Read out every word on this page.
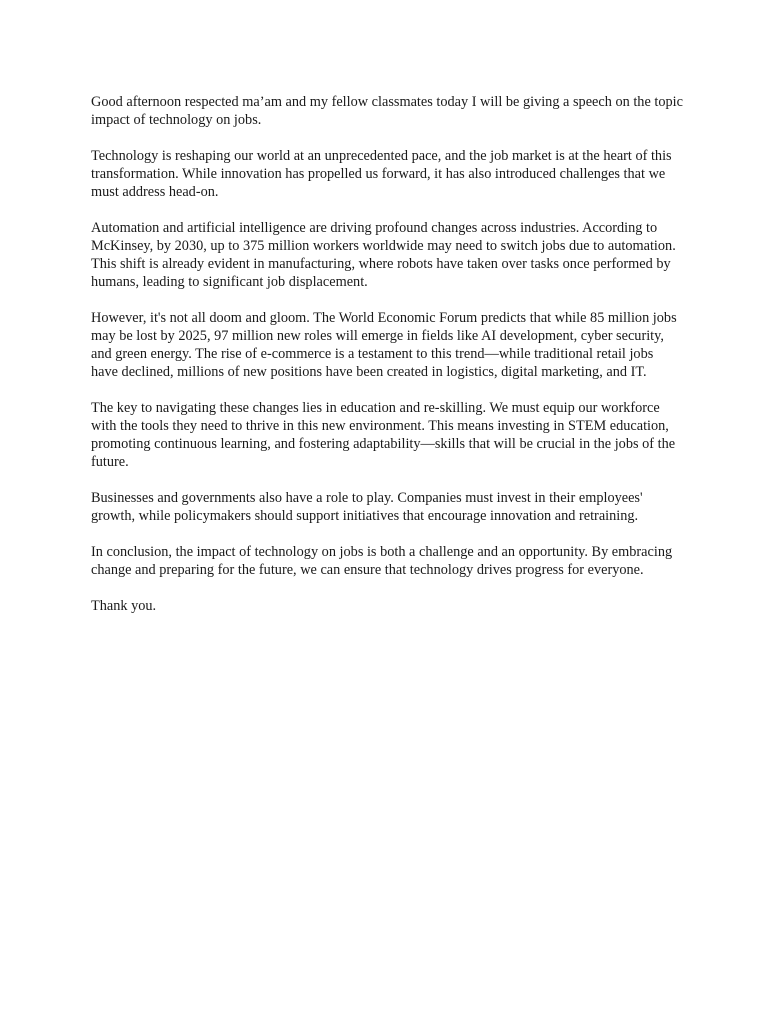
Good afternoon respected ma’am and my fellow classmates today I will be giving a speech on the topic impact of technology on jobs.

Technology is reshaping our world at an unprecedented pace, and the job market is at the heart of this transformation. While innovation has propelled us forward, it has also introduced challenges that we must address head-on.

Automation and artificial intelligence are driving profound changes across industries. According to McKinsey, by 2030, up to 375 million workers worldwide may need to switch jobs due to automation. This shift is already evident in manufacturing, where robots have taken over tasks once performed by humans, leading to significant job displacement.

However, it's not all doom and gloom. The World Economic Forum predicts that while 85 million jobs may be lost by 2025, 97 million new roles will emerge in fields like AI development, cyber security, and green energy. The rise of e-commerce is a testament to this trend—while traditional retail jobs have declined, millions of new positions have been created in logistics, digital marketing, and IT.

The key to navigating these changes lies in education and re-skilling. We must equip our workforce with the tools they need to thrive in this new environment. This means investing in STEM education, promoting continuous learning, and fostering adaptability—skills that will be crucial in the jobs of the future.

Businesses and governments also have a role to play. Companies must invest in their employees' growth, while policymakers should support initiatives that encourage innovation and retraining.

In conclusion, the impact of technology on jobs is both a challenge and an opportunity. By embracing change and preparing for the future, we can ensure that technology drives progress for everyone.

Thank you.
